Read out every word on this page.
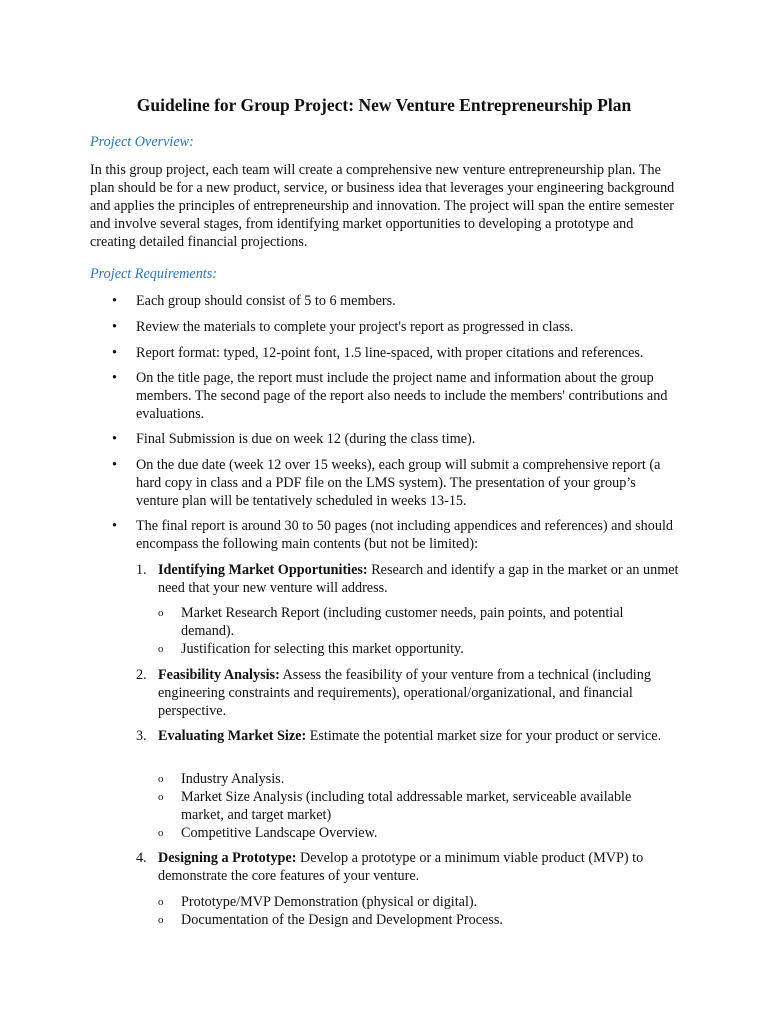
Guideline for Group Project: New Venture Entrepreneurship Plan
Project Overview:
In this group project, each team will create a comprehensive new venture entrepreneurship plan. The plan should be for a new product, service, or business idea that leverages your engineering background and applies the principles of entrepreneurship and innovation. The project will span the entire semester and involve several stages, from identifying market opportunities to developing a prototype and creating detailed financial projections.
Project Requirements:
•	Each group should consist of 5 to 6 members.
•	Review the materials to complete your project's report as progressed in class.
•	Report format: typed, 12-point font, 1.5 line-spaced, with proper citations and references.
•	On the title page, the report must include the project name and information about the group members. The second page of the report also needs to include the members' contributions and evaluations.
•	Final Submission is due on week 12 (during the class time).
•	On the due date (week 12 over 15 weeks), each group will submit a comprehensive report (a hard copy in class and a PDF file on the LMS system). The presentation of your group’s venture plan will be tentatively scheduled in weeks 13-15.
•	The final report is around 30 to 50 pages (not including appendices and references) and should encompass the following main contents (but not be limited):
1. Identifying Market Opportunities: Research and identify a gap in the market or an unmet need that your new venture will address.
o	Market Research Report (including customer needs, pain points, and potential demand).
o	Justification for selecting this market opportunity.
2. Feasibility Analysis: Assess the feasibility of your venture from a technical (including engineering constraints and requirements), operational/organizational, and financial perspective.
3. Evaluating Market Size: Estimate the potential market size for your product or service.
o	Industry Analysis.
o	Market Size Analysis (including total addressable market, serviceable available market, and target market)
o	Competitive Landscape Overview.
4. Designing a Prototype: Develop a prototype or a minimum viable product (MVP) to demonstrate the core features of your venture.
o	Prototype/MVP Demonstration (physical or digital).
o	Documentation of the Design and Development Process.
